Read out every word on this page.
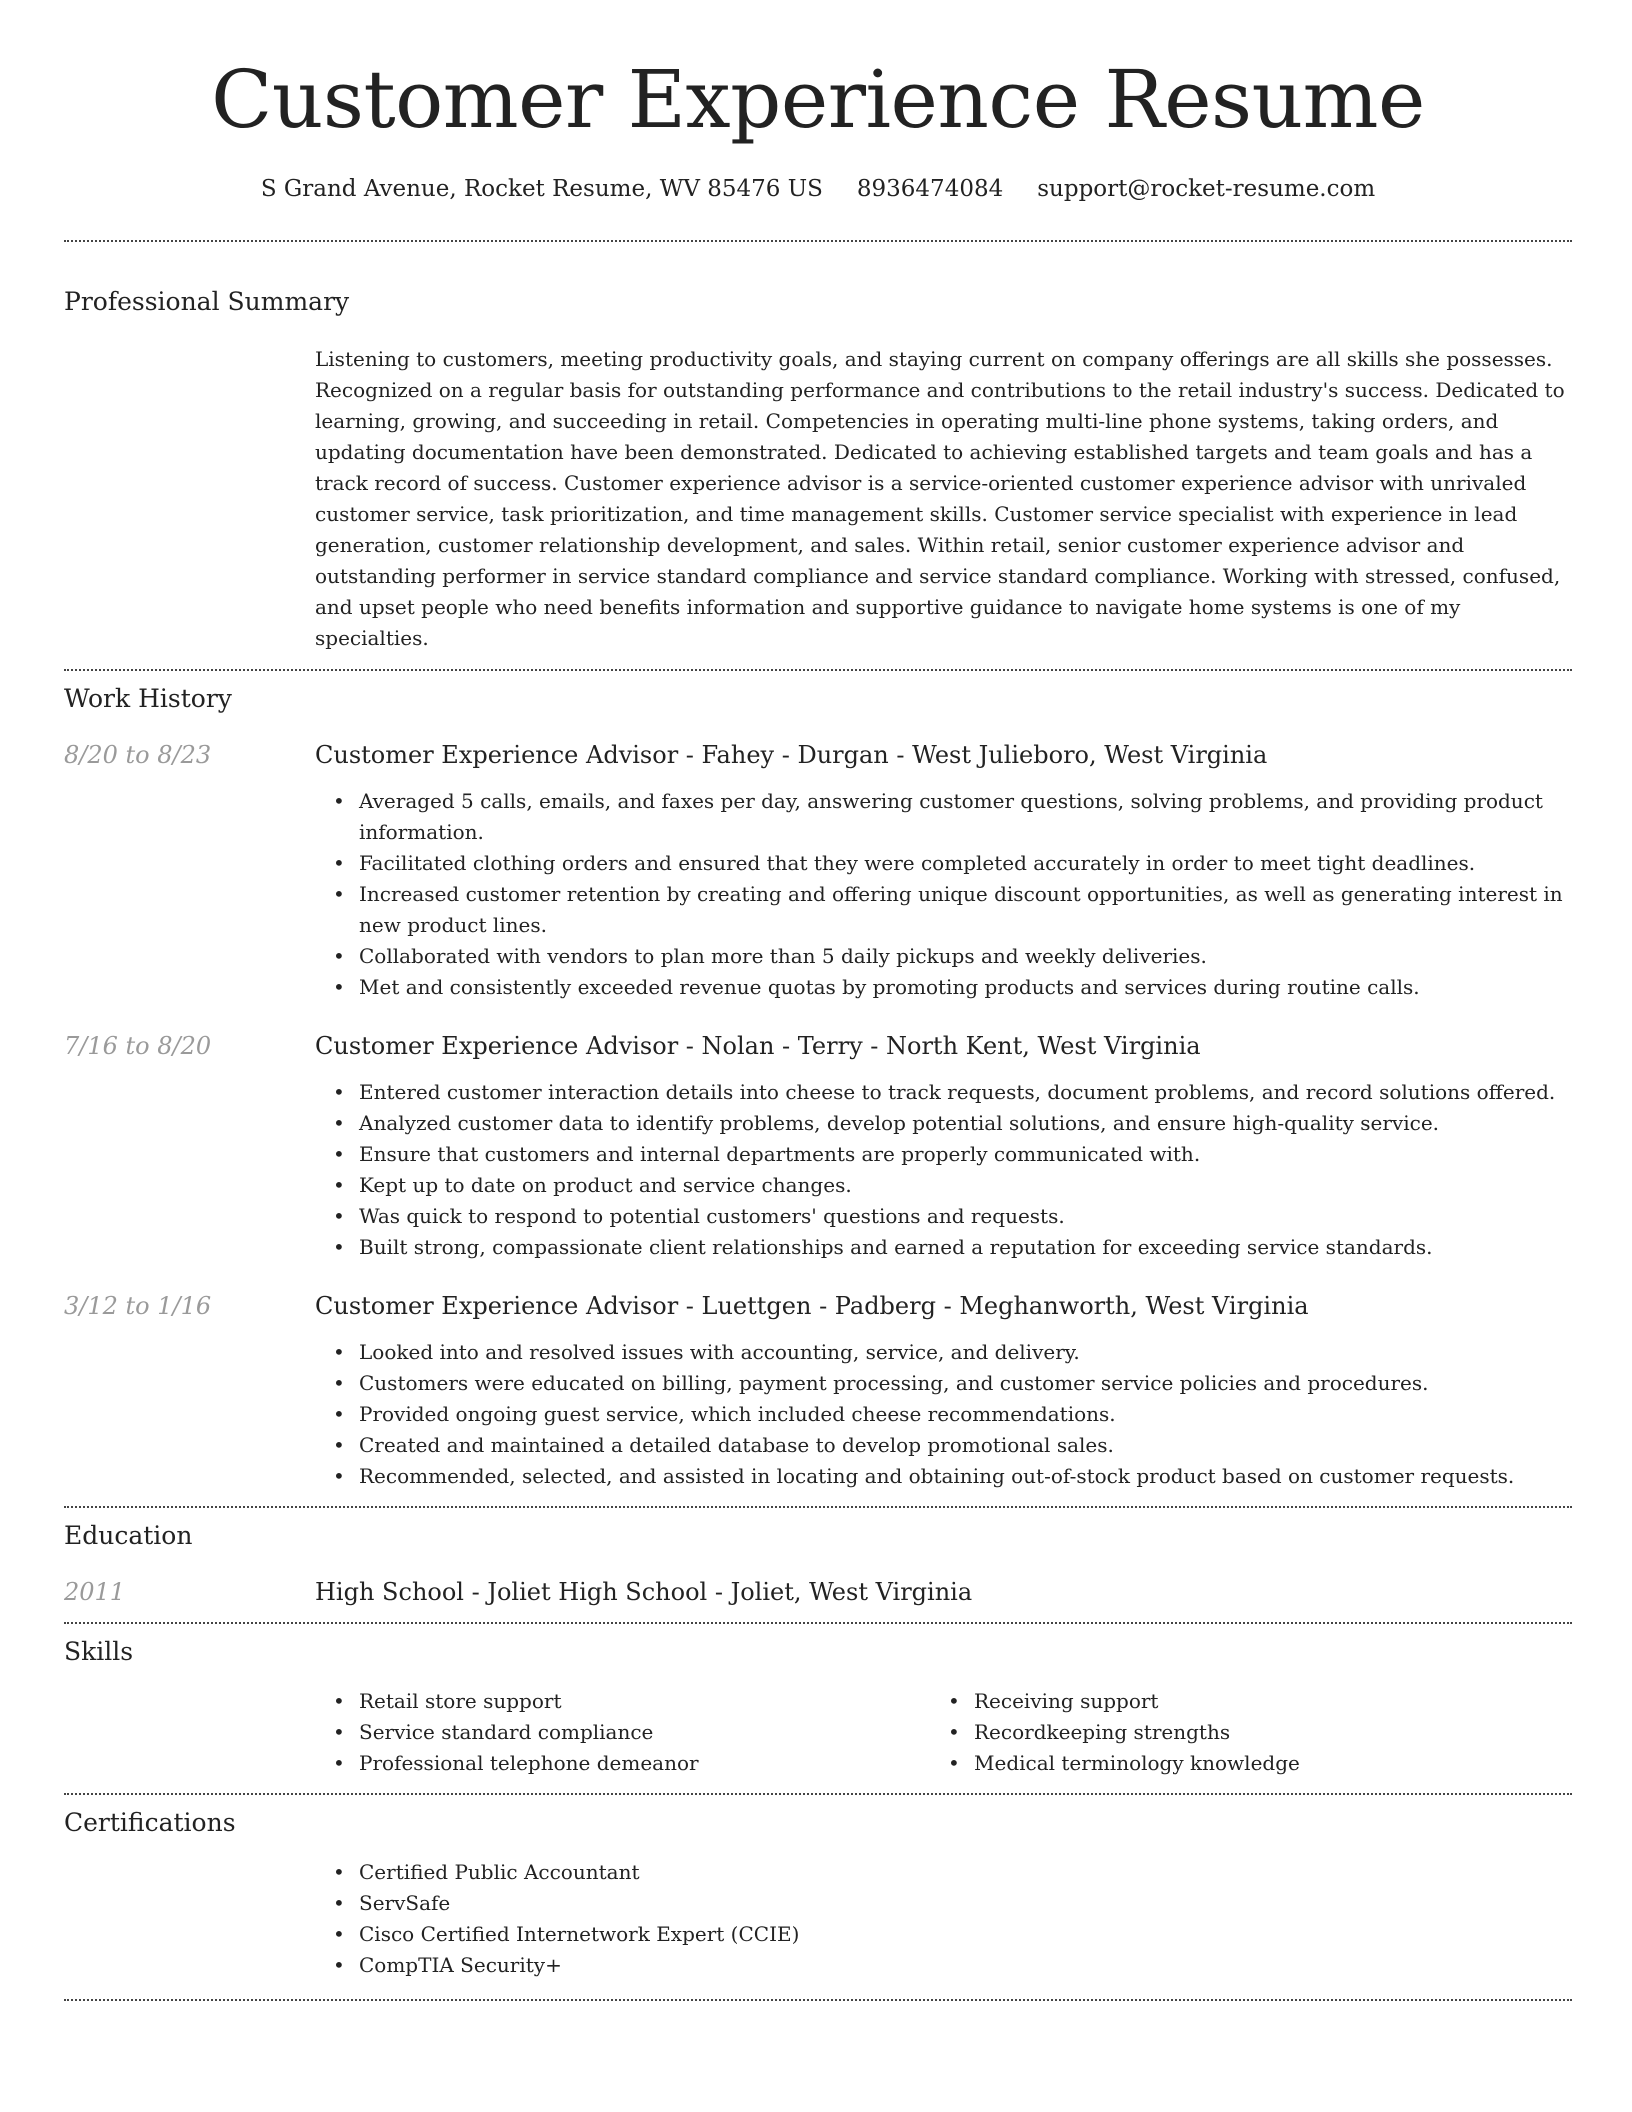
Customer Experience Resume
S Grand Avenue, Rocket Resume, WV 85476 US 8936474084 support@rocket-resume.com
Professional Summary

Listening to customers, meeting productivity goals, and staying current on company offerings are all skills she possesses. Recognized on a regular basis for outstanding performance and contributions to the retail industry's success. Dedicated to learning, growing, and succeeding in retail. Competencies in operating multi-line phone systems, taking orders, and updating documentation have been demonstrated. Dedicated to achieving established targets and team goals and has a track record of success. Customer experience advisor is a service-oriented customer experience advisor with unrivaled customer service, task prioritization, and time management skills. Customer service specialist with experience in lead generation, customer relationship development, and sales. Within retail, senior customer experience advisor and outstanding performer in service standard compliance and service standard compliance. Working with stressed, confused, and upset people who need benefits information and supportive guidance to navigate home systems is one of my specialties.

Work History
8/20 to 8/23	Customer Experience Advisor - Fahey - Durgan - West Julieboro, West Virginia
• Averaged 5 calls, emails, and faxes per day, answering customer questions, solving problems, and providing product information.
• Facilitated clothing orders and ensured that they were completed accurately in order to meet tight deadlines.
• Increased customer retention by creating and offering unique discount opportunities, as well as generating interest in new product lines.
• Collaborated with vendors to plan more than 5 daily pickups and weekly deliveries.
• Met and consistently exceeded revenue quotas by promoting products and services during routine calls.
7/16 to 8/20	Customer Experience Advisor - Nolan - Terry - North Kent, West Virginia
• Entered customer interaction details into cheese to track requests, document problems, and record solutions offered.
• Analyzed customer data to identify problems, develop potential solutions, and ensure high-quality service.
• Ensure that customers and internal departments are properly communicated with.
• Kept up to date on product and service changes.
• Was quick to respond to potential customers' questions and requests.
• Built strong, compassionate client relationships and earned a reputation for exceeding service standards.
3/12 to 1/16	Customer Experience Advisor - Luettgen - Padberg - Meghanworth, West Virginia
• Looked into and resolved issues with accounting, service, and delivery.
• Customers were educated on billing, payment processing, and customer service policies and procedures.
• Provided ongoing guest service, which included cheese recommendations.
• Created and maintained a detailed database to develop promotional sales.
• Recommended, selected, and assisted in locating and obtaining out-of-stock product based on customer requests.
Education
2011	High School - Joliet High School - Joliet, West Virginia
Skills
• Retail store support
• Service standard compliance
• Professional telephone demeanor
• Receiving support
• Recordkeeping strengths
• Medical terminology knowledge
Certifications
• Certified Public Accountant
• ServSafe
• Cisco Certified Internetwork Expert (CCIE)
• CompTIA Security+
